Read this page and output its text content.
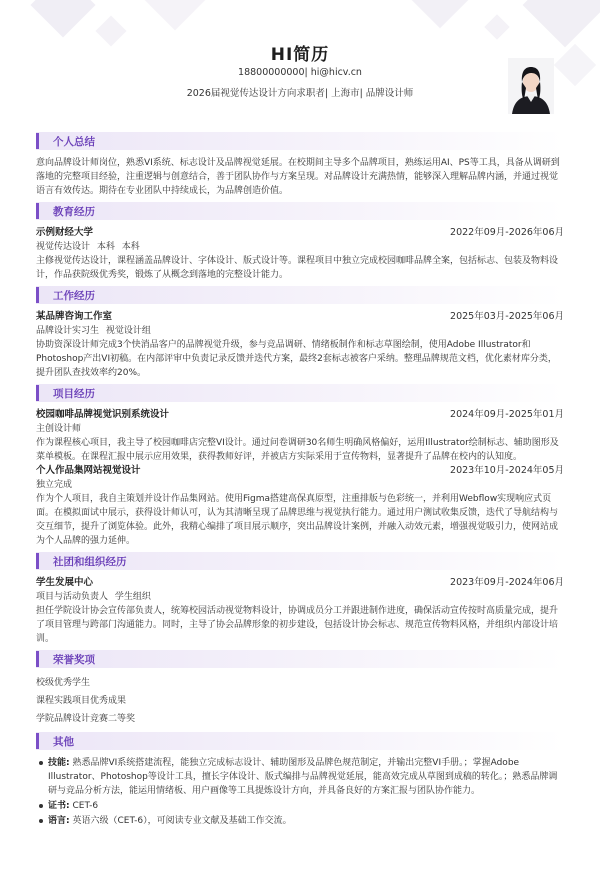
HI简历
18800000000| hi@hicv.cn
2026届视觉传达设计方向求职者| 上海市| 品牌设计师
个人总结
意向品牌设计师岗位，熟悉VI系统、标志设计及品牌视觉延展。在校期间主导多个品牌项目，熟练运用AI、PS等工具，具备从调研到落地的完整项目经验，注重逻辑与创意结合，善于团队协作与方案呈现。对品牌设计充满热情，能够深入理解品牌内涵，并通过视觉语言有效传达。期待在专业团队中持续成长，为品牌创造价值。
教育经历
示例财经大学	2022年09月-2026年06月
视觉传达设计 本科 本科
主修视觉传达设计，课程涵盖品牌设计、字体设计、版式设计等。课程项目中独立完成校园咖啡品牌全案，包括标志、包装及物料设计，作品获院级优秀奖，锻炼了从概念到落地的完整设计能力。
工作经历
某品牌咨询工作室	2025年03月-2025年06月
品牌设计实习生 视觉设计组
协助资深设计师完成3个快消品客户的品牌视觉升级，参与竞品调研、情绪板制作和标志草图绘制，使用Adobe Illustrator和Photoshop产出VI初稿。在内部评审中负责记录反馈并迭代方案，最终2套标志被客户采纳。整理品牌规范文档，优化素材库分类，提升团队查找效率约20%。
项目经历
校园咖啡品牌视觉识别系统设计	2024年09月-2025年01月
主创设计师
作为课程核心项目，我主导了校园咖啡店完整VI设计。通过问卷调研30名师生明确风格偏好，运用Illustrator绘制标志、辅助图形及菜单模板。在课程汇报中展示应用效果，获得教师好评，并被店方实际采用于宣传物料，显著提升了品牌在校内的认知度。
个人作品集网站视觉设计	2023年10月-2024年05月
独立完成
作为个人项目，我自主策划并设计作品集网站。使用Figma搭建高保真原型，注重排版与色彩统一，并利用Webflow实现响应式页面。在模拟面试中展示，获得设计师认可，认为其清晰呈现了品牌思维与视觉执行能力。通过用户测试收集反馈，迭代了导航结构与交互细节，提升了浏览体验。此外，我精心编排了项目展示顺序，突出品牌设计案例，并融入动效元素，增强视觉吸引力，使网站成为个人品牌的强力延伸。
社团和组织经历
学生发展中心	2023年09月-2024年06月
项目与活动负责人 学生组织
担任学院设计协会宣传部负责人，统筹校园活动视觉物料设计，协调成员分工并跟进制作进度，确保活动宣传按时高质量完成，提升了项目管理与跨部门沟通能力。同时，主导了协会品牌形象的初步建设，包括设计协会标志、规范宣传物料风格，并组织内部设计培训。
荣誉奖项
校级优秀学生
课程实践项目优秀成果
学院品牌设计竞赛二等奖
其他
技能: 熟悉品牌VI系统搭建流程，能独立完成标志设计、辅助图形及品牌色规范制定，并输出完整VI手册。；掌握Adobe Illustrator、Photoshop等设计工具，擅长字体设计、版式编排与品牌视觉延展，能高效完成从草图到成稿的转化。；熟悉品牌调研与竞品分析方法，能运用情绪板、用户画像等工具提炼设计方向，并具备良好的方案汇报与团队协作能力。
证书: CET-6
语言: 英语六级（CET-6），可阅读专业文献及基础工作交流。
